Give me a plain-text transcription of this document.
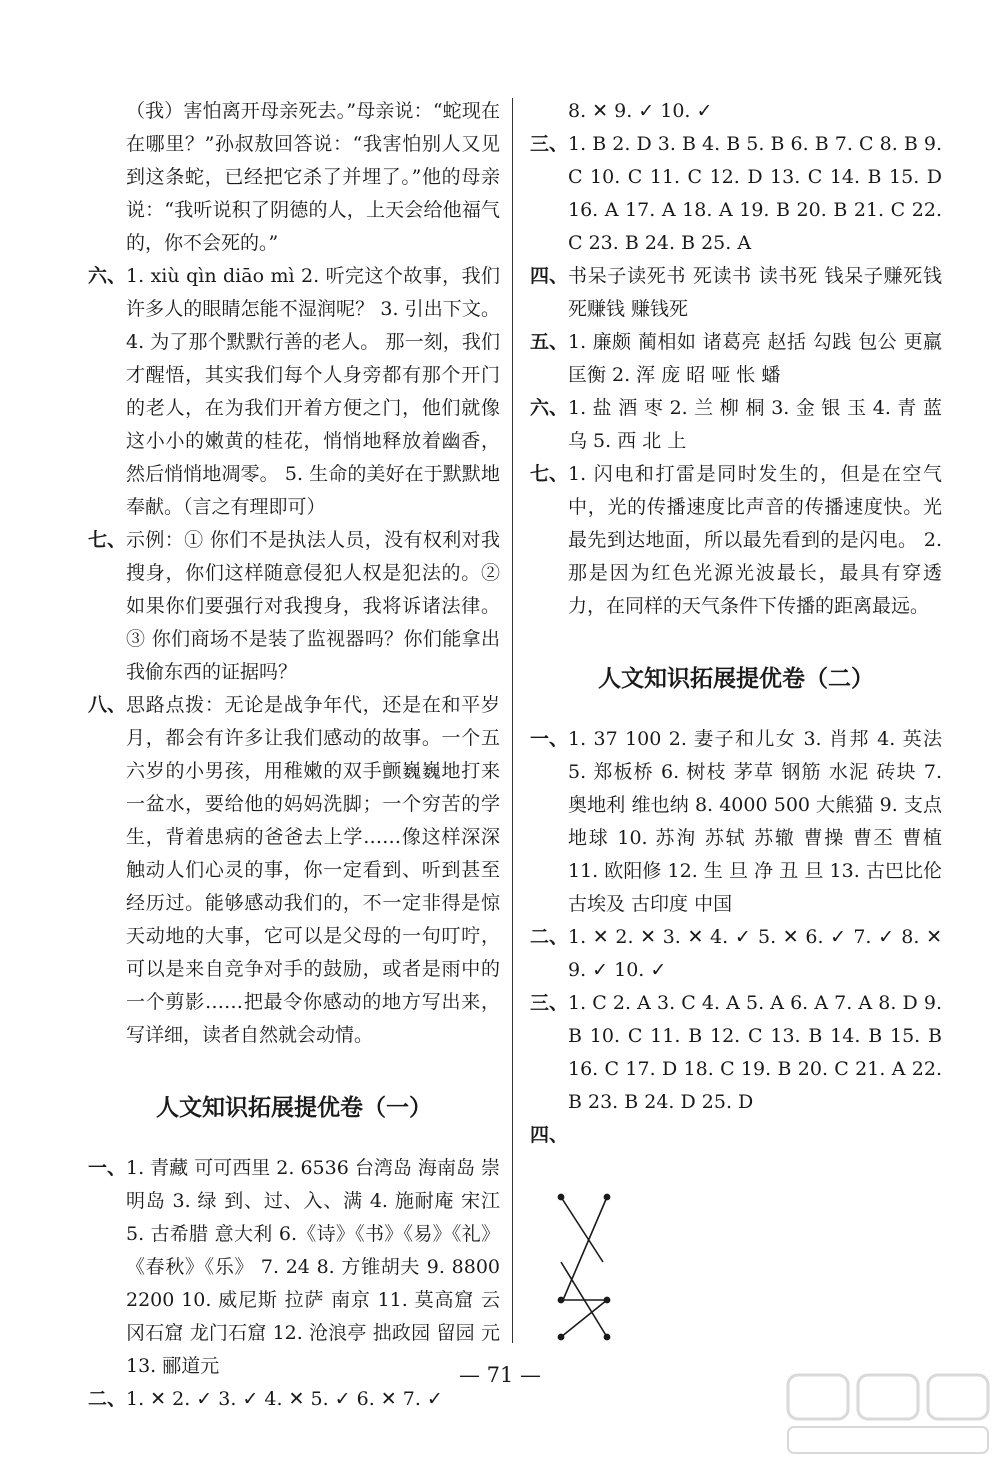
（我）害怕离开母亲死去。”母亲说：“蛇现在在哪里？”孙叔敖回答说：“我害怕别人又见到这条蛇，已经把它杀了并埋了。”他的母亲说：“我听说积了阴德的人，上天会给他福气的，你不会死的。”

六、 1. xiù qìn diāo mì 2. 听完这个故事，我们许多人的眼睛怎能不湿润呢？ 3. 引出下文。 4. 为了那个默默行善的老人。 那一刻，我们才醒悟，其实我们每个人身旁都有那个开门的老人，在为我们开着方便之门，他们就像这小小的嫩黄的桂花，悄悄地释放着幽香，然后悄悄地凋零。 5. 生命的美好在于默默地奉献。（言之有理即可）

七、 示例：① 你们不是执法人员，没有权利对我搜身，你们这样随意侵犯人权是犯法的。② 如果你们要强行对我搜身，我将诉诸法律。③ 你们商场不是装了监视器吗？你们能拿出我偷东西的证据吗？

八、 思路点拨：无论是战争年代，还是在和平岁月，都会有许多让我们感动的故事。一个五六岁的小男孩，用稚嫩的双手颤巍巍地打来一盆水，要给他的妈妈洗脚；一个穷苦的学生，背着患病的爸爸去上学……像这样深深触动人们心灵的事，你一定看到、听到甚至经历过。能够感动我们的，不一定非得是惊天动地的大事，它可以是父母的一句叮咛，可以是来自竞争对手的鼓励，或者是雨中的一个剪影……把最令你感动的地方写出来，写详细，读者自然就会动情。

人文知识拓展提优卷（一）

一、 1. 青藏 可可西里 2. 6536 台湾岛 海南岛 崇明岛 3. 绿 到、过、入、满 4. 施耐庵 宋江 5. 古希腊 意大利 6.《诗》《书》《易》《礼》《春秋》《乐》 7. 24 8. 方锥胡夫 9. 8800 2200 10. 威尼斯 拉萨 南京 11. 莫高窟 云冈石窟 龙门石窟 12. 沧浪亭 拙政园 留园 元 13. 郦道元

二、 1. ✕ 2. ✓ 3. ✓ 4. ✕ 5. ✓ 6. ✕ 7. ✓

8. ✕ 9. ✓ 10. ✓

三、 1. B 2. D 3. B 4. B 5. B 6. B 7. C 8. B 9. C 10. C 11. C 12. D 13. C 14. B 15. D 16. A 17. A 18. A 19. B 20. B 21. C 22. C 23. B 24. B 25. A

四、 书呆子读死书 死读书 读书死 钱呆子赚死钱 死赚钱 赚钱死

五、 1. 廉颇 蔺相如 诸葛亮 赵括 勾践 包公 更羸 匡衡 2. 浑 庞 昭 哑 怅 蟠

六、 1. 盐 酒 枣 2. 兰 柳 桐 3. 金 银 玉 4. 青 蓝 乌 5. 西 北 上

七、 1. 闪电和打雷是同时发生的，但是在空气中，光的传播速度比声音的传播速度快。光最先到达地面，所以最先看到的是闪电。 2. 那是因为红色光源光波最长，最具有穿透力，在同样的天气条件下传播的距离最远。

人文知识拓展提优卷（二）

一、 1. 37 100 2. 妻子和儿女 3. 肖邦 4. 英法 5. 郑板桥 6. 树枝 茅草 钢筋 水泥 砖块 7. 奥地利 维也纳 8. 4000 500 大熊猫 9. 支点 地球 10. 苏洵 苏轼 苏辙 曹操 曹丕 曹植 11. 欧阳修 12. 生 旦 净 丑 旦 13. 古巴比伦 古埃及 古印度 中国

二、 1. ✕ 2. ✕ 3. ✕ 4. ✓ 5. ✕ 6. ✓ 7. ✓ 8. ✕ 9. ✓ 10. ✓

三、 1. C 2. A 3. C 4. A 5. A 6. A 7. A 8. D 9. B 10. C 11. B 12. C 13. B 14. B 15. B 16. C 17. D 18. C 19. B 20. C 21. A 22. B 23. B 24. D 25. D

四、

— 71 —
